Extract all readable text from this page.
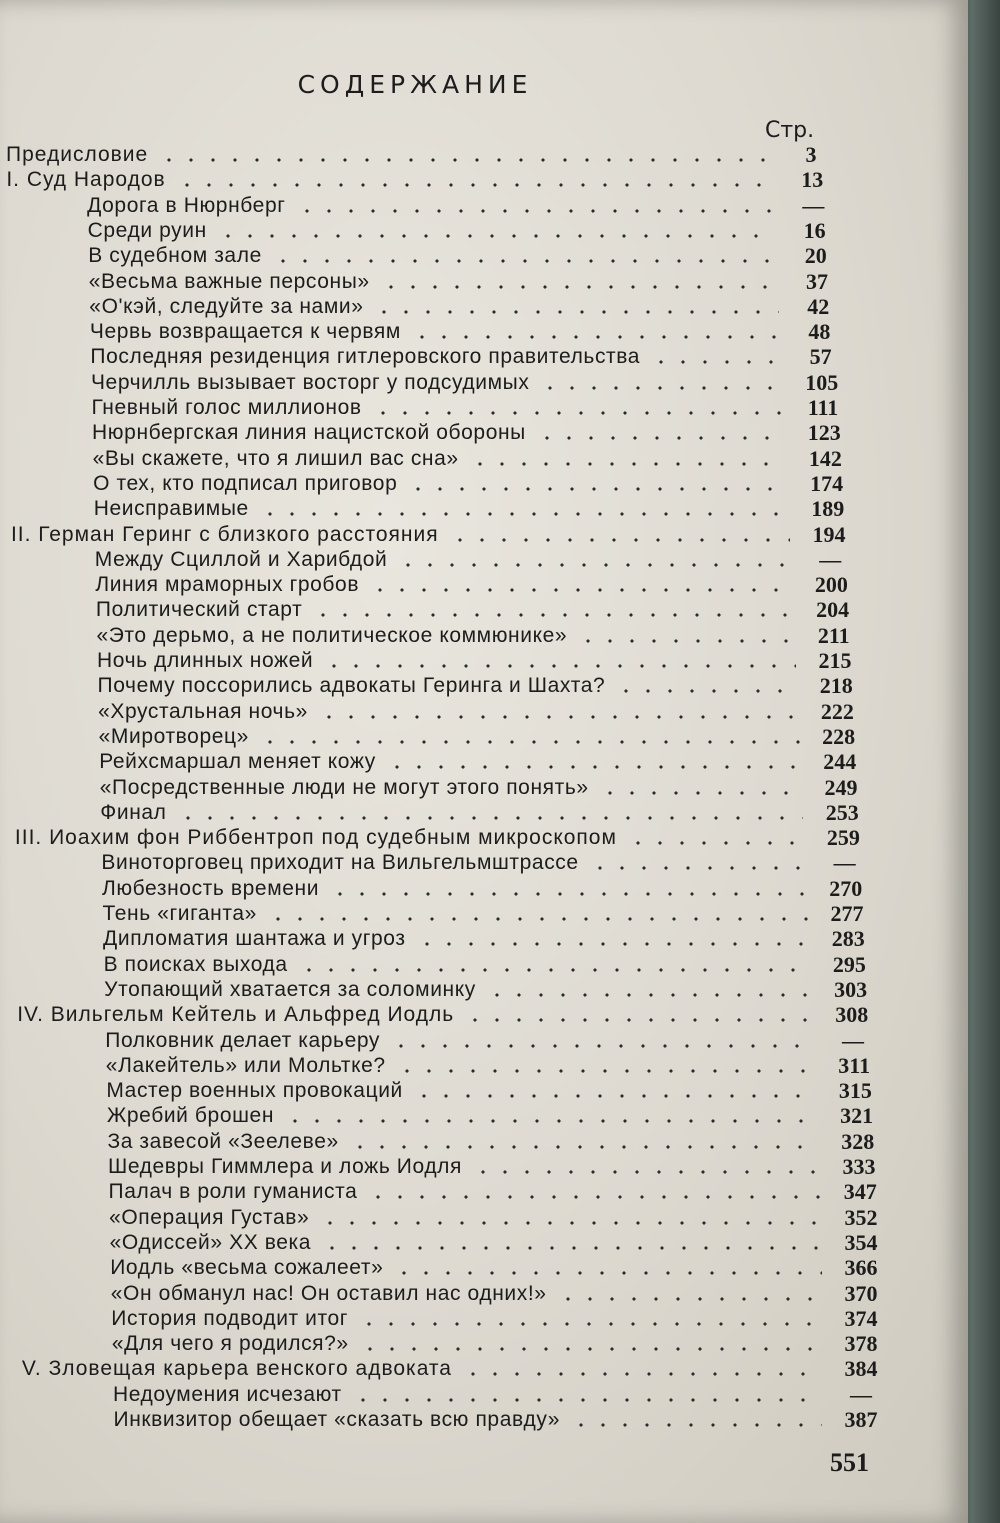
СОДЕРЖАНИЕ
Стр.
Предисловие	3
I. Суд Народов	13
Дорога в Нюрнберг	—
Среди руин	16
В судебном зале	20
«Весьма важные персоны»	37
«О'кэй, следуйте за нами»	42
Червь возвращается к червям	48
Последняя резиденция гитлеровского правительства	57
Черчилль вызывает восторг у подсудимых	105
Гневный голос миллионов	111
Нюрнбергская линия нацистской обороны	123
«Вы скажете, что я лишил вас сна»	142
О тех, кто подписал приговор	174
Неисправимые	189
II. Герман Геринг с близкого расстояния	194
Между Сциллой и Харибдой	—
Линия мраморных гробов	200
Политический старт	204
«Это дерьмо, а не политическое коммюнике»	211
Ночь длинных ножей	215
Почему поссорились адвокаты Геринга и Шахта?	218
«Хрустальная ночь»	222
«Миротворец»	228
Рейхсмаршал меняет кожу	244
«Посредственные люди не могут этого понять»	249
Финал	253
III. Иоахим фон Риббентроп под судебным микроскопом	259
Виноторговец приходит на Вильгельмштрассе	—
Любезность времени	270
Тень «гиганта»	277
Дипломатия шантажа и угроз	283
В поисках выхода	295
Утопающий хватается за соломинку	303
IV. Вильгельм Кейтель и Альфред Иодль	308
Полковник делает карьеру	—
«Лакейтель» или Мольтке?	311
Мастер военных провокаций	315
Жребий брошен	321
За завесой «Зеелеве»	328
Шедевры Гиммлера и ложь Иодля	333
Палач в роли гуманиста	347
«Операция Густав»	352
«Одиссей» XX века	354
Иодль «весьма сожалеет»	366
«Он обманул нас! Он оставил нас одних!»	370
История подводит итог	374
«Для чего я родился?»	378
V. Зловещая карьера венского адвоката	384
Недоумения исчезают	—
Инквизитор обещает «сказать всю правду»	387
551
